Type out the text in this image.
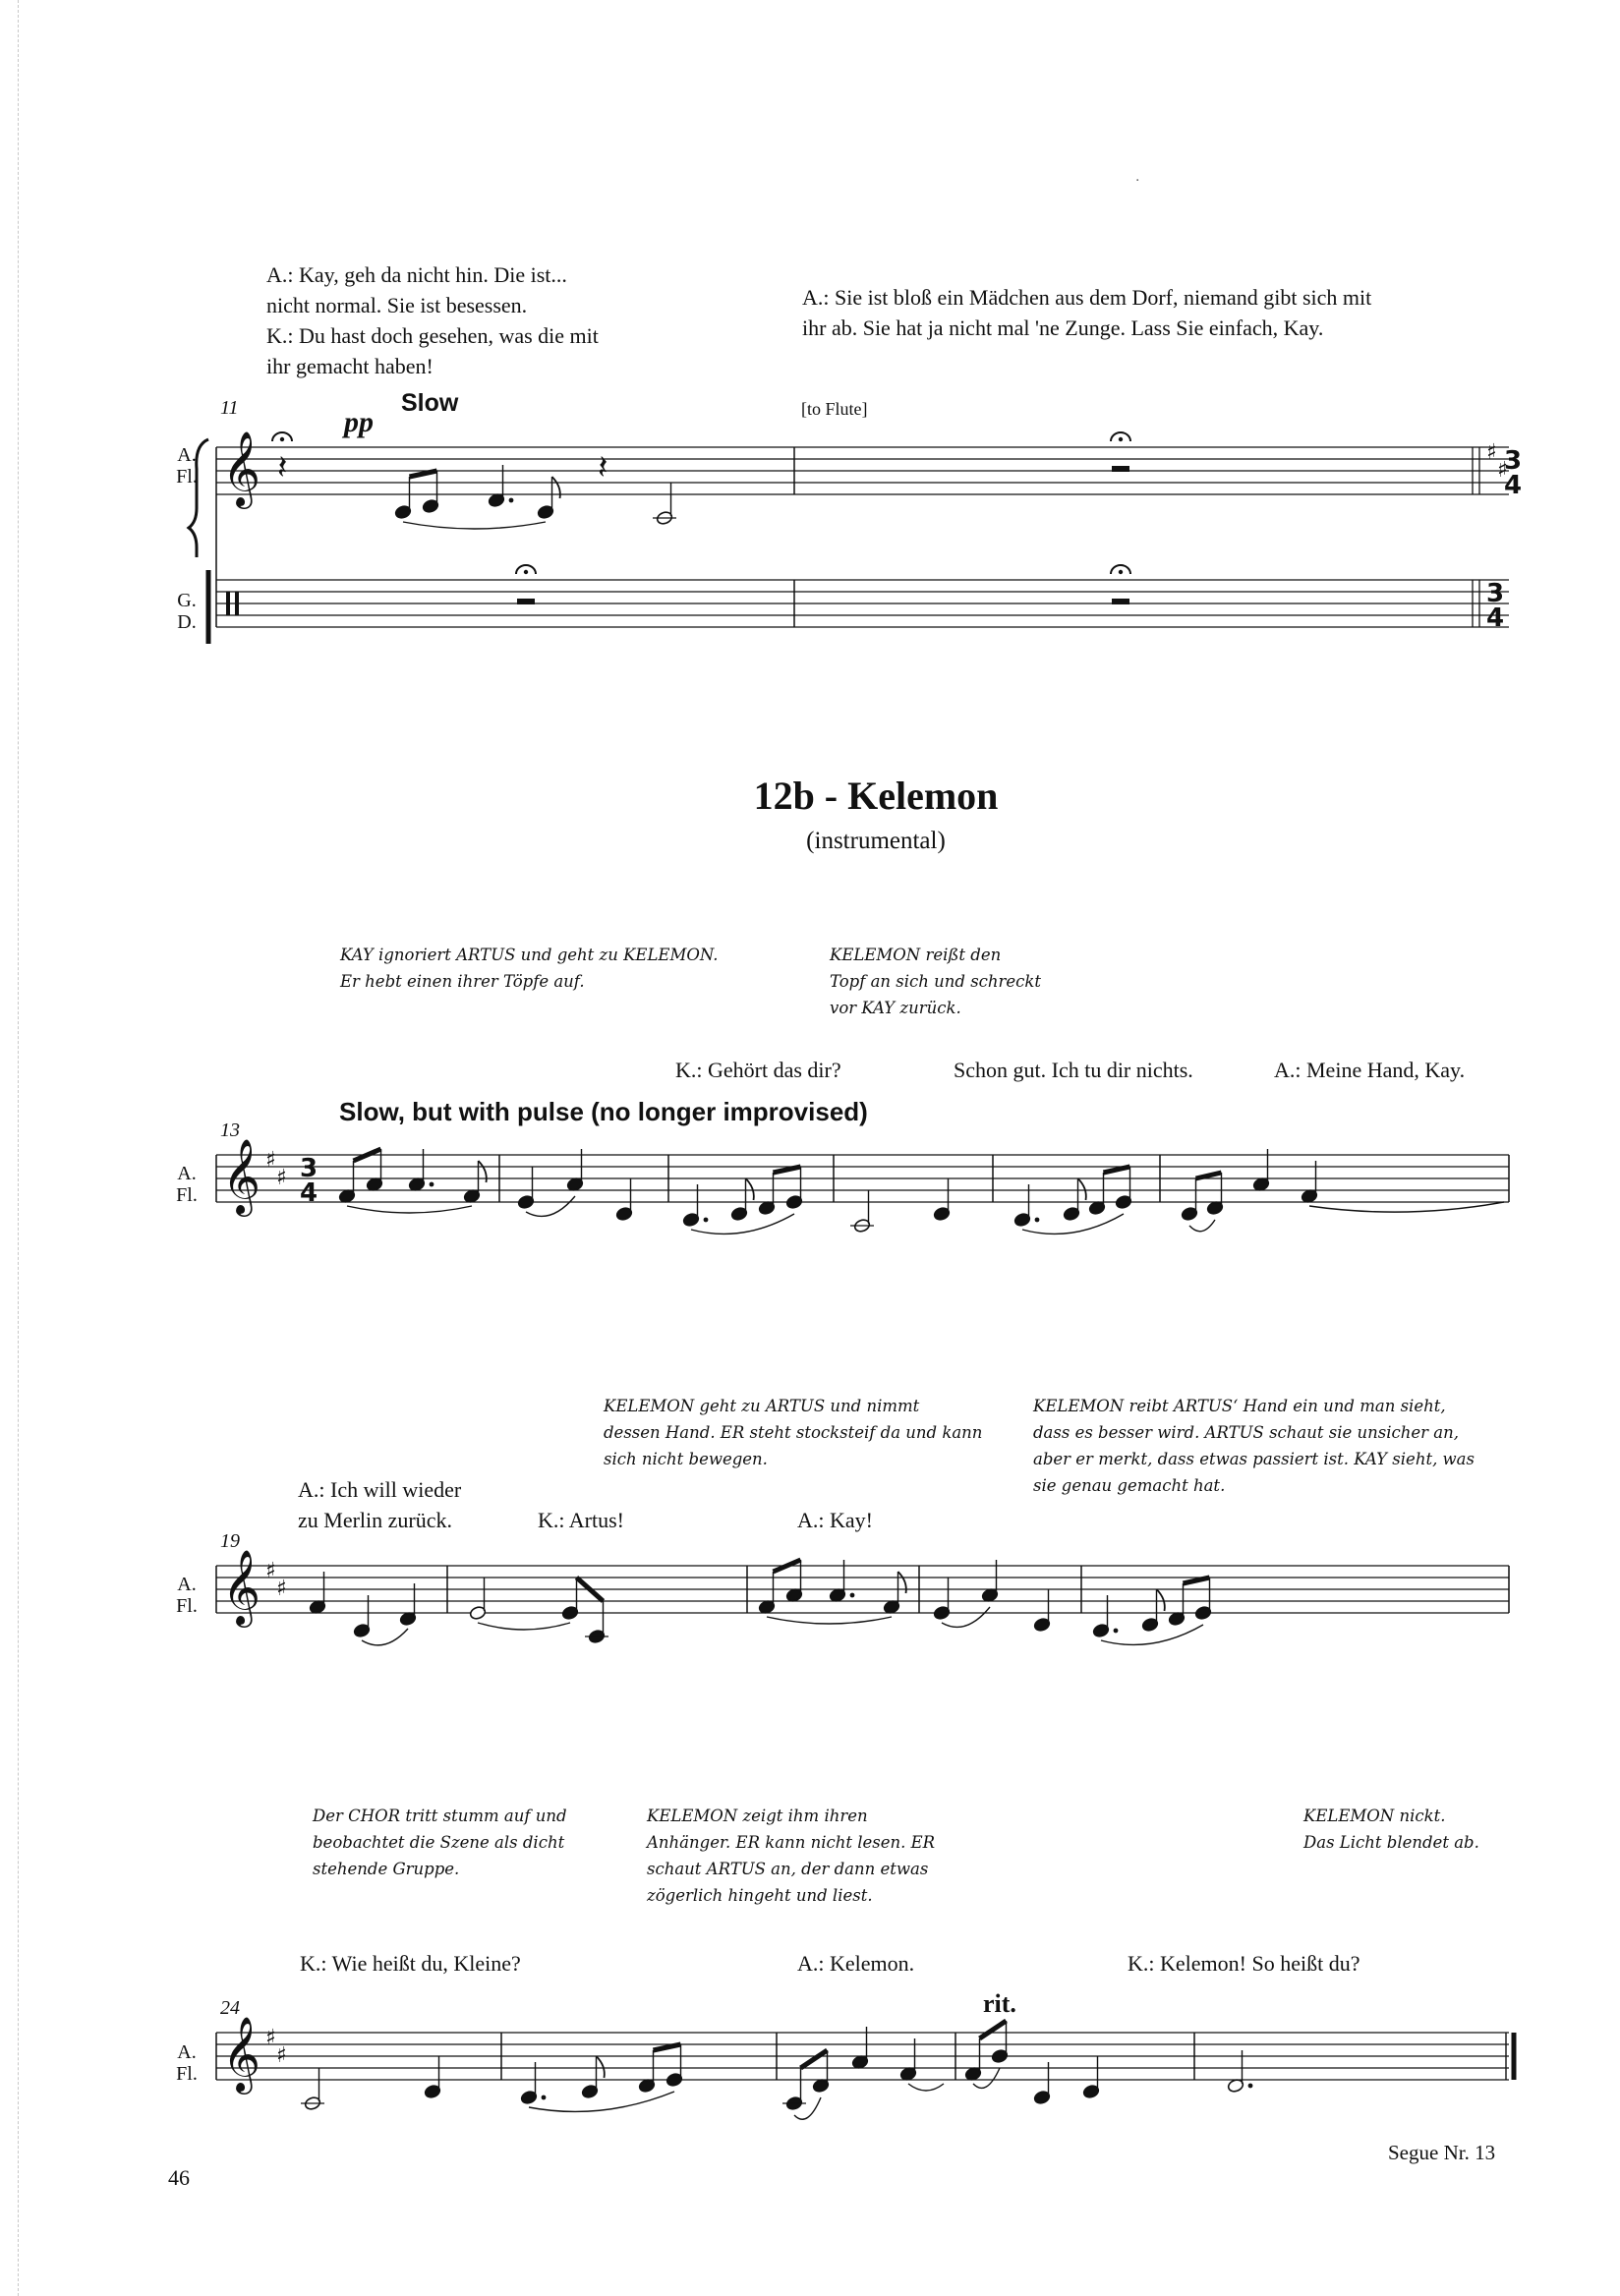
𝄞 𝄽	𝄽	♯
♯
3
4
3
4
𝄞 ♯
♯ 3
4
𝄞 ♯
♯
𝄞 ♯
♯
·
A.: Kay, geh da nicht hin. Die ist...
nicht normal. Sie ist besessen.
K.: Du hast doch gesehen, was die mit
ihr gemacht haben!
A.: Sie ist bloß ein Mädchen aus dem Dorf, niemand gibt sich mit
ihr ab. Sie hat ja nicht mal 'ne Zunge. Lass Sie einfach, Kay.
11	Slow
pp	[to Flute]
A.
Fl.
G.
D.
12b - Kelemon
(instrumental)
KAY ignoriert ARTUS und geht zu KELEMON.
Er hebt einen ihrer Töpfe auf.
KELEMON reißt den
Topf an sich und schreckt
vor KAY zurück.
K.: Gehört das dir?	Schon gut. Ich tu dir nichts.	A.: Meine Hand, Kay.
13
Slow, but with pulse (no longer improvised)
A.
Fl.
KELEMON geht zu ARTUS und nimmt
dessen Hand. ER steht stocksteif da und kann
sich nicht bewegen.
KELEMON reibt ARTUS‘ Hand ein und man sieht,
dass es besser wird. ARTUS schaut sie unsicher an,
aber er merkt, dass etwas passiert ist. KAY sieht, was
sie genau gemacht hat.
A.: Ich will wieder
zu Merlin zurück.	K.: Artus!	A.: Kay!
19
A.
Fl.
Der CHOR tritt stumm auf und
beobachtet die Szene als dicht
stehende Gruppe.
KELEMON zeigt ihm ihren
Anhänger. ER kann nicht lesen. ER
schaut ARTUS an, der dann etwas
zögerlich hingeht und liest.
KELEMON nickt.
Das Licht blendet ab.
K.: Wie heißt du, Kleine?	A.: Kelemon.	K.: Kelemon! So heißt du?
24	rit.
A.
Fl.
46
Segue Nr. 13
